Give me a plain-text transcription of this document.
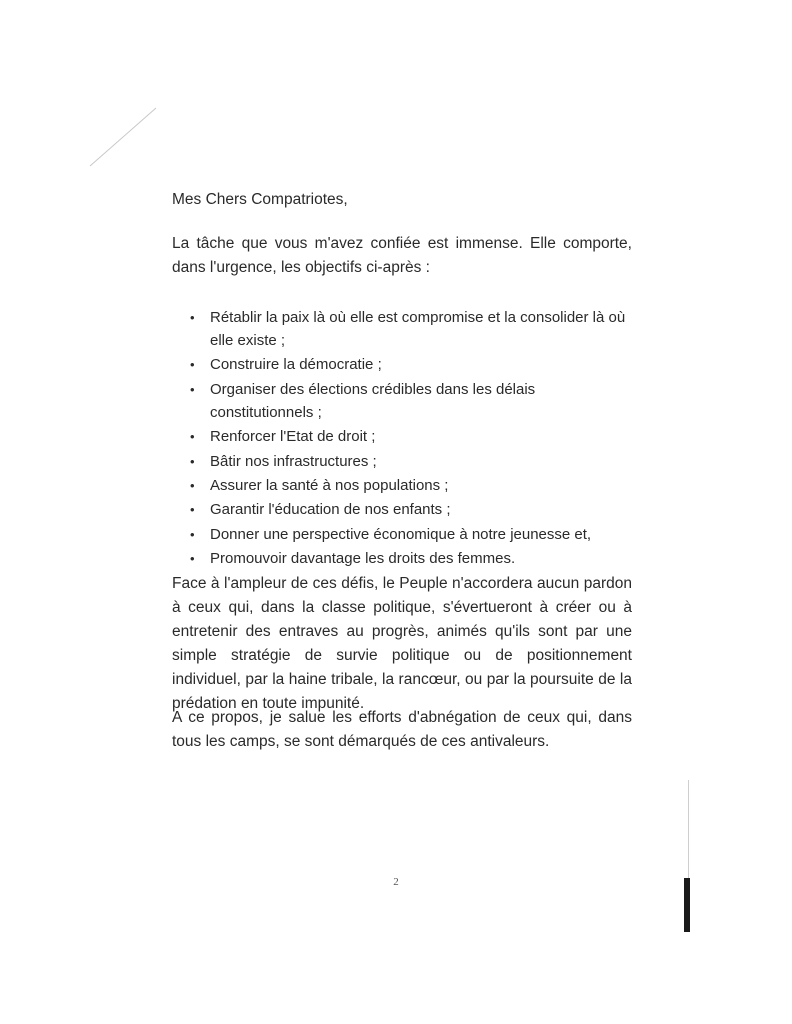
Mes Chers Compatriotes,

La tâche que vous m'avez confiée est immense. Elle comporte, dans l'urgence, les objectifs ci-après :

• Rétablir la paix là où elle est compromise et la consolider là où elle existe ;
• Construire la démocratie ;
• Organiser des élections crédibles dans les délais constitutionnels ;
• Renforcer l'Etat de droit ;
• Bâtir nos infrastructures ;
• Assurer la santé à nos populations ;
• Garantir l'éducation de nos enfants ;
• Donner une perspective économique à notre jeunesse et,
• Promouvoir davantage les droits des femmes.

Face à l'ampleur de ces défis, le Peuple n'accordera aucun pardon à ceux qui, dans la classe politique, s'évertueront à créer ou à entretenir des entraves au progrès, animés qu'ils sont par une simple stratégie de survie politique ou de positionnement individuel, par la haine tribale, la rancœur, ou par la poursuite de la prédation en toute impunité.

A ce propos, je salue les efforts d'abnégation de ceux qui, dans tous les camps, se sont démarqués de ces antivaleurs.

2
